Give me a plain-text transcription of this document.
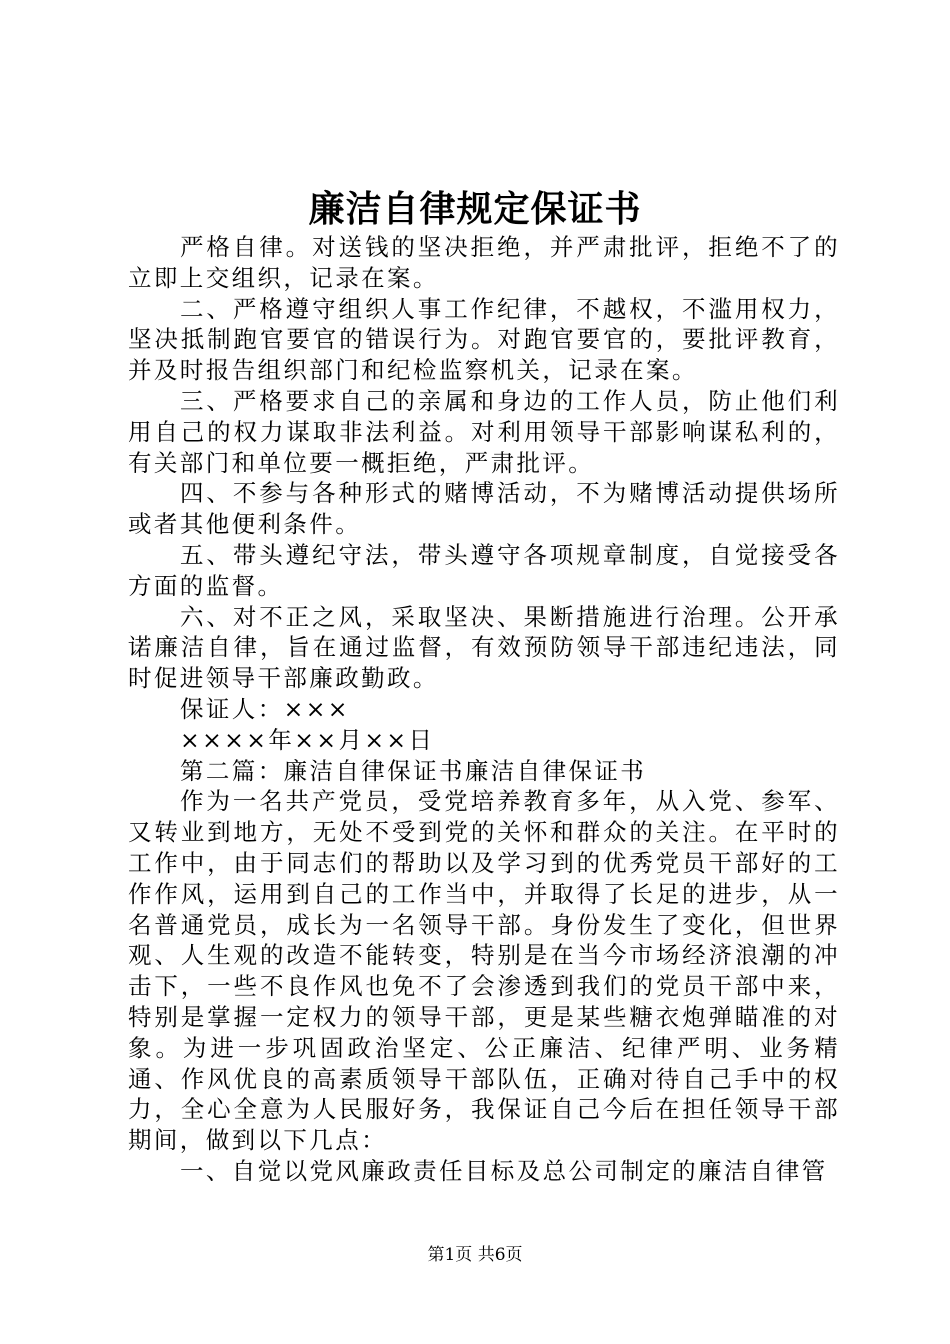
廉洁自律规定保证书

严格自律。对送钱的坚决拒绝，并严肃批评，拒绝不了的立即上交组织，记录在案。

二、严格遵守组织人事工作纪律，不越权，不滥用权力，坚决抵制跑官要官的错误行为。对跑官要官的，要批评教育，并及时报告组织部门和纪检监察机关，记录在案。

三、严格要求自己的亲属和身边的工作人员，防止他们利用自己的权力谋取非法利益。对利用领导干部影响谋私利的，有关部门和单位要一概拒绝，严肃批评。

四、不参与各种形式的赌博活动，不为赌博活动提供场所或者其他便利条件。

五、带头遵纪守法，带头遵守各项规章制度，自觉接受各方面的监督。

六、对不正之风，采取坚决、果断措施进行治理。公开承诺廉洁自律，旨在通过监督，有效预防领导干部违纪违法，同时促进领导干部廉政勤政。

保证人：×××

××××年××月××日

第二篇：廉洁自律保证书廉洁自律保证书

作为一名共产党员，受党培养教育多年，从入党、参军、又转业到地方，无处不受到党的关怀和群众的关注。在平时的工作中，由于同志们的帮助以及学习到的优秀党员干部好的工作作风，运用到自己的工作当中，并取得了长足的进步，从一名普通党员，成长为一名领导干部。身份发生了变化，但世界观、人生观的改造不能转变，特别是在当今市场经济浪潮的冲击下，一些不良作风也免不了会渗透到我们的党员干部中来，特别是掌握一定权力的领导干部，更是某些糖衣炮弹瞄准的对象。为进一步巩固政治坚定、公正廉洁、纪律严明、业务精通、作风优良的高素质领导干部队伍，正确对待自己手中的权力，全心全意为人民服好务，我保证自己今后在担任领导干部期间，做到以下几点：

一、自觉以党风廉政责任目标及总公司制定的廉洁自律管

第1页 共6页
